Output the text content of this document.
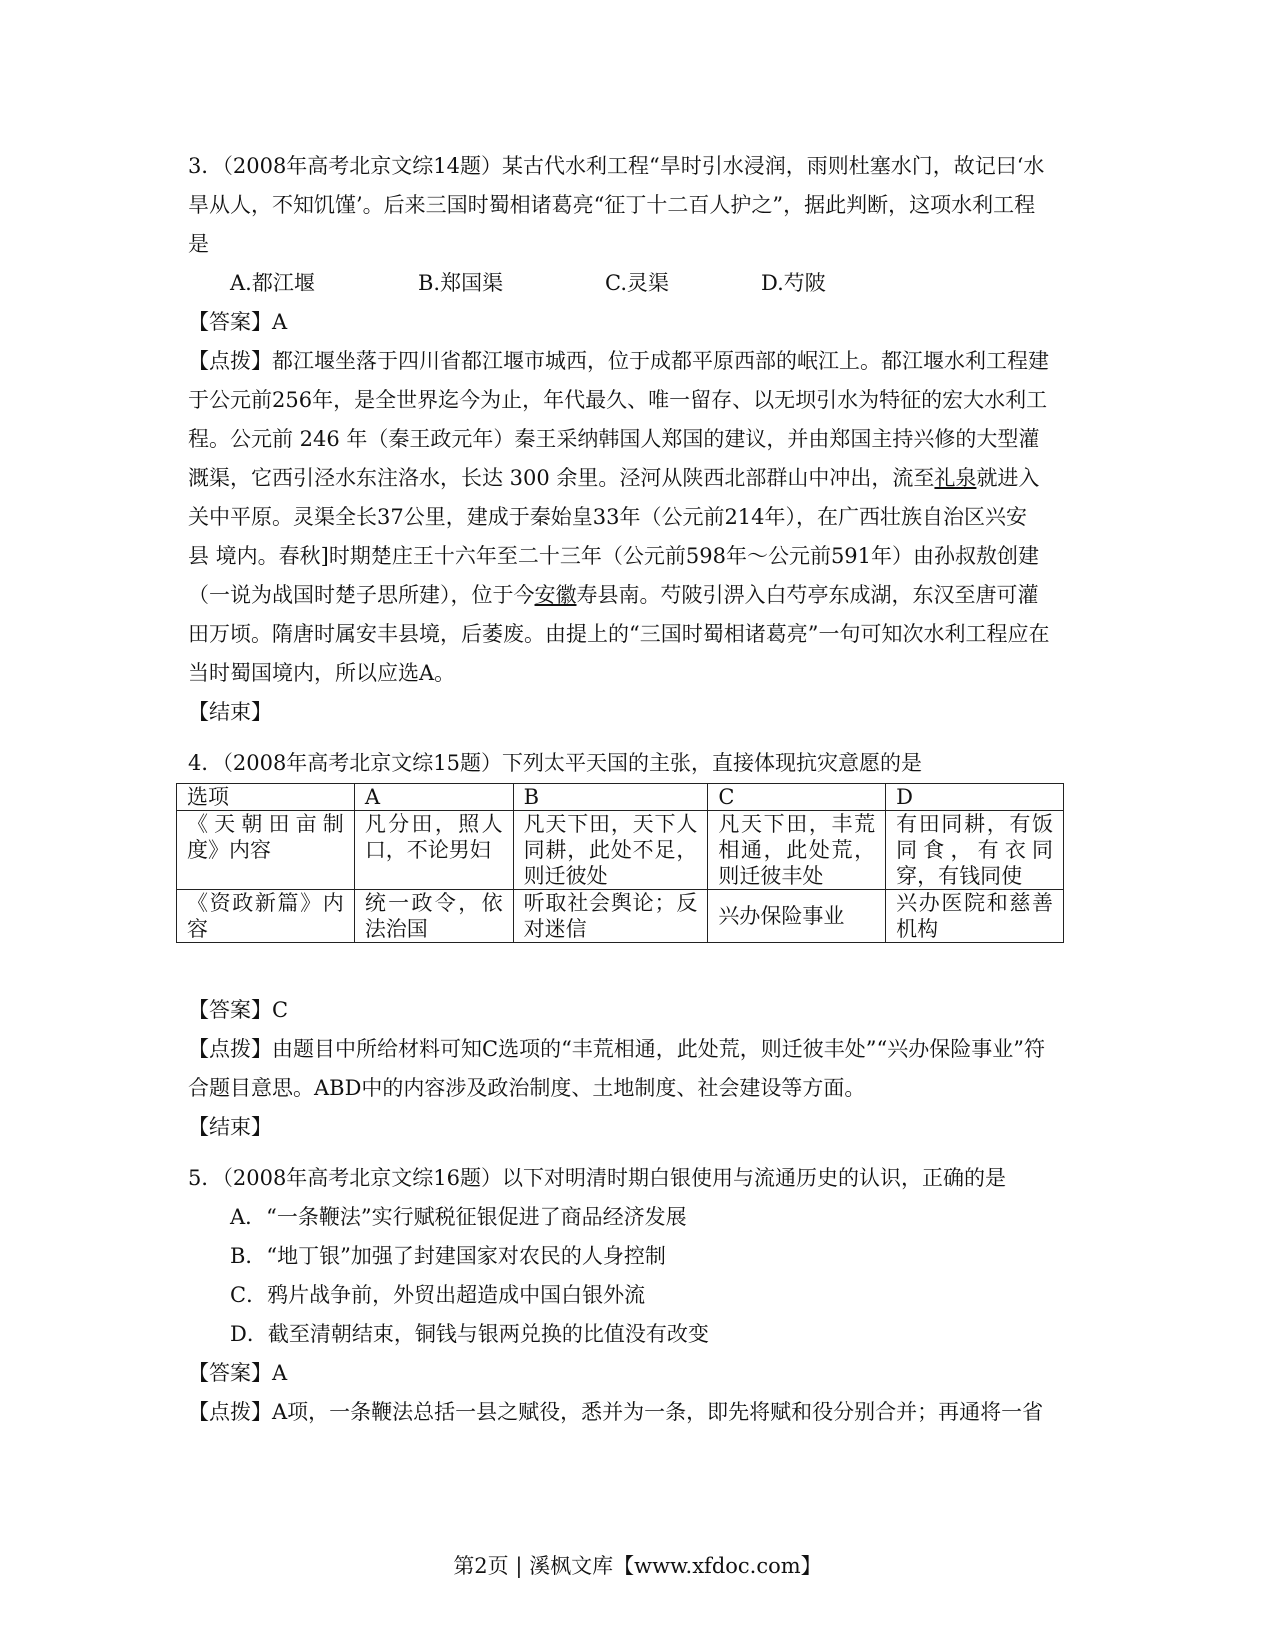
3．（2008年高考北京文综14题）某古代水利工程“旱时引水浸润，雨则杜塞水门，故记曰‘水
旱从人，不知饥馑’。后来三国时蜀相诸葛亮“征丁十二百人护之”，据此判断，这项水利工程
是
A.都江堰	B.郑国渠	C.灵渠	D.芍陂
【答案】A
【点拨】都江堰坐落于四川省都江堰市城西，位于成都平原西部的岷江上。都江堰水利工程建
于公元前256年，是全世界迄今为止，年代最久、唯一留存、以无坝引水为特征的宏大水利工
程。公元前 246 年（秦王政元年）秦王采纳韩国人郑国的建议，并由郑国主持兴修的大型灌
溉渠，它西引泾水东注洛水，长达 300 余里。泾河从陕西北部群山中冲出，流至礼泉就进入
关中平原。灵渠全长37公里，建成于秦始皇33年（公元前214年），在广西壮族自治区兴安
县 境内。春秋]时期楚庄王十六年至二十三年（公元前598年～公元前591年）由孙叔敖创建
（一说为战国时楚子思所建），位于今安徽寿县南。芍陂引淠入白芍亭东成湖，东汉至唐可灌
田万顷。隋唐时属安丰县境，后萎废。由提上的“三国时蜀相诸葛亮”一句可知次水利工程应在
当时蜀国境内，所以应选A。
【结束】
4．（2008年高考北京文综15题）下列太平天国的主张，直接体现抗灾意愿的是
选项	A	B	C	D
《天朝田亩制度》内容	凡分田，照人口，不论男妇	凡天下田，天下人同耕，此处不足，则迁彼处	凡天下田，丰荒相通，此处荒，则迁彼丰处	有田同耕，有饭同食，有衣同穿，有钱同使
《资政新篇》内容	统一政令，依法治国	听取社会舆论；反对迷信	兴办保险事业	兴办医院和慈善机构
【答案】C
【点拨】由题目中所给材料可知C选项的“丰荒相通，此处荒，则迁彼丰处”“兴办保险事业”符
合题目意思。ABD中的内容涉及政治制度、土地制度、社会建设等方面。
【结束】
5．（2008年高考北京文综16题）以下对明清时期白银使用与流通历史的认识，正确的是
A．“一条鞭法”实行赋税征银促进了商品经济发展
B．“地丁银”加强了封建国家对农民的人身控制
C．鸦片战争前，外贸出超造成中国白银外流
D．截至清朝结束，铜钱与银两兑换的比值没有改变
【答案】A
【点拨】A项，一条鞭法总括一县之赋役，悉并为一条，即先将赋和役分别合并；再通将一省
第2页 | 溪枫文库【www.xfdoc.com】
